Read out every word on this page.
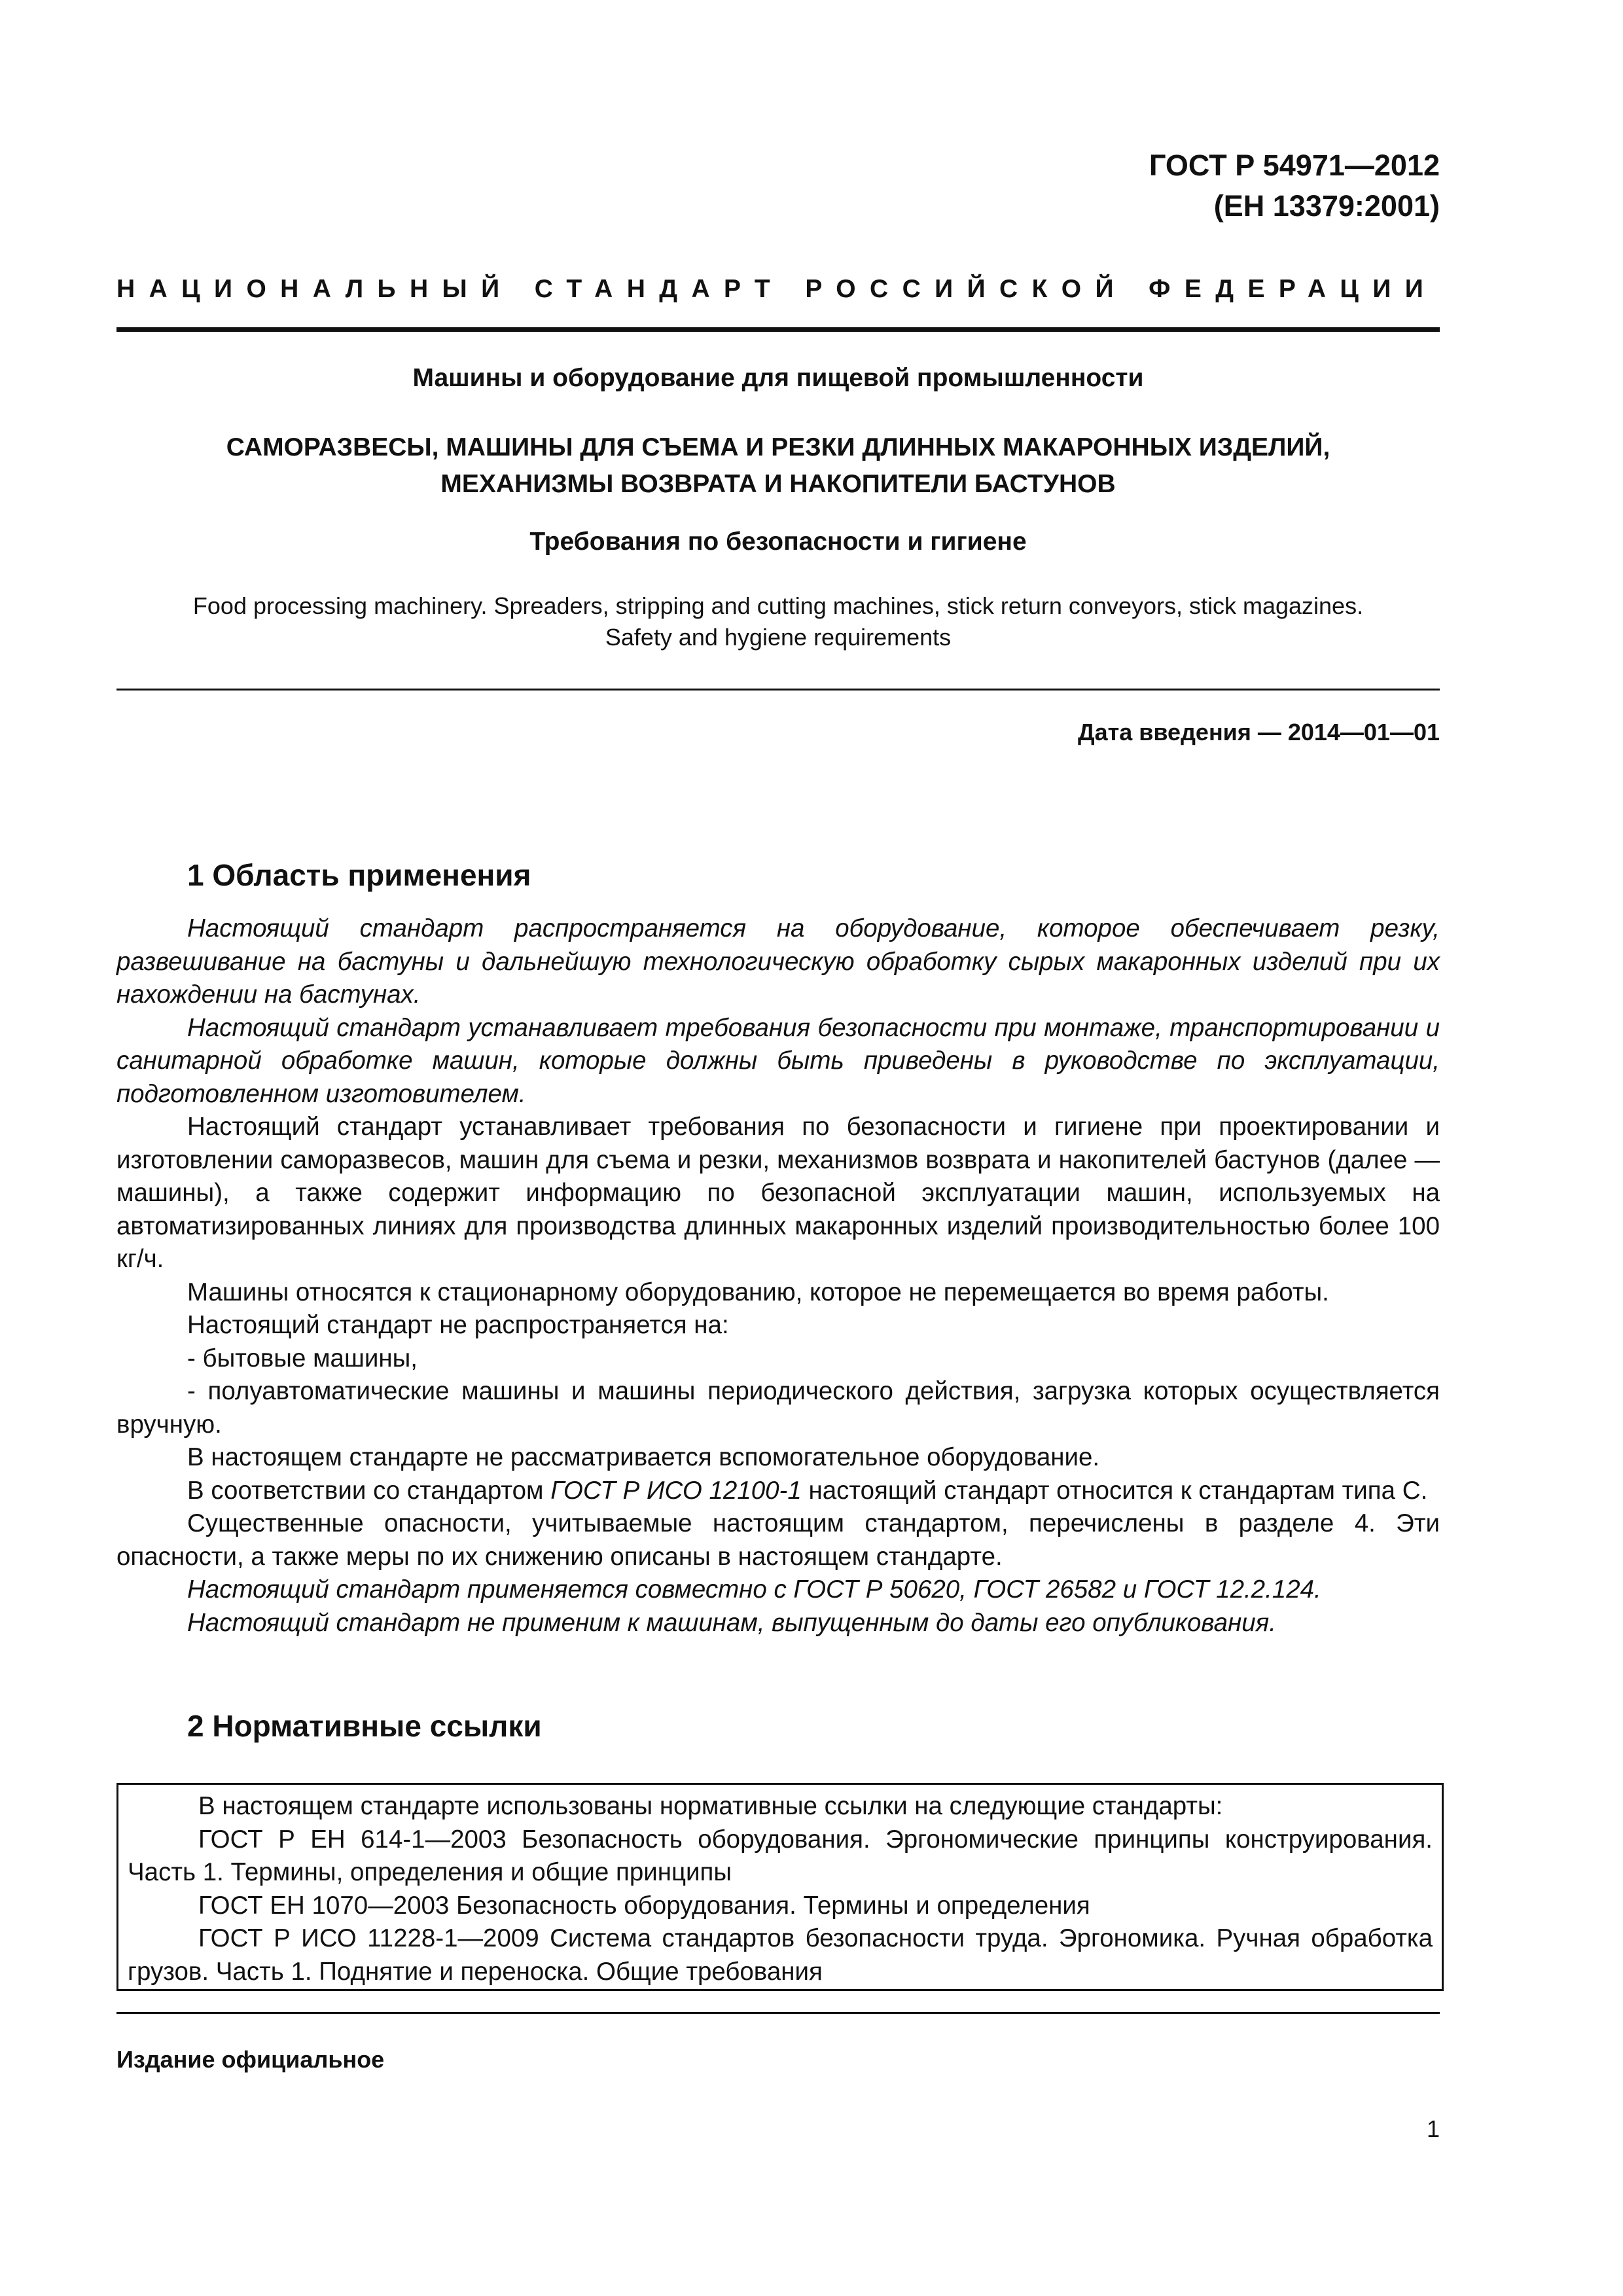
ГОСТ Р 54971—2012
(ЕН 13379:2001)
НАЦИОНАЛЬНЫЙ СТАНДАРТ РОССИЙСКОЙ ФЕДЕРАЦИИ
Машины и оборудование для пищевой промышленности
САМОРАЗВЕСЫ, МАШИНЫ ДЛЯ СЪЕМА И РЕЗКИ ДЛИННЫХ МАКАРОННЫХ ИЗДЕЛИЙ,
МЕХАНИЗМЫ ВОЗВРАТА И НАКОПИТЕЛИ БАСТУНОВ
Требования по безопасности и гигиене
Food processing machinery. Spreaders, stripping and cutting machines, stick return conveyors, stick magazines.
Safety and hygiene requirements
Дата введения — 2014—01—01
1 Область применения

Настоящий стандарт распространяется на оборудование, которое обеспечивает резку, развешивание на бастуны и дальнейшую технологическую обработку сырых макаронных изделий при их нахождении на бастунах.

Настоящий стандарт устанавливает требования безопасности при монтаже, транспортировании и санитарной обработке машин, которые должны быть приведены в руководстве по эксплуатации, подготовленном изготовителем.

Настоящий стандарт устанавливает требования по безопасности и гигиене при проектировании и изготовлении саморазвесов, машин для съема и резки, механизмов возврата и накопителей бастунов (далее — машины), а также содержит информацию по безопасной эксплуатации машин, используемых на автоматизированных линиях для производства длинных макаронных изделий производительностью более 100 кг/ч.

Машины относятся к стационарному оборудованию, которое не перемещается во время работы.

Настоящий стандарт не распространяется на:

- бытовые машины,

- полуавтоматические машины и машины периодического действия, загрузка которых осуществляется вручную.

В настоящем стандарте не рассматривается вспомогательное оборудование.

В соответствии со стандартом ГОСТ Р ИСО 12100-1 настоящий стандарт относится к стандартам типа С.

Существенные опасности, учитываемые настоящим стандартом, перечислены в разделе 4. Эти опасности, а также меры по их снижению описаны в настоящем стандарте.

Настоящий стандарт применяется совместно с ГОСТ Р 50620, ГОСТ 26582 и ГОСТ 12.2.124.

Настоящий стандарт не применим к машинам, выпущенным до даты его опубликования.

2 Нормативные ссылки

В настоящем стандарте использованы нормативные ссылки на следующие стандарты:

ГОСТ Р ЕН 614-1—2003 Безопасность оборудования. Эргономические принципы конструирования. Часть 1. Термины, определения и общие принципы

ГОСТ ЕН 1070—2003 Безопасность оборудования. Термины и определения

ГОСТ Р ИСО 11228-1—2009 Система стандартов безопасности труда. Эргономика. Ручная обработка грузов. Часть 1. Поднятие и переноска. Общие требования

Издание официальное
1
